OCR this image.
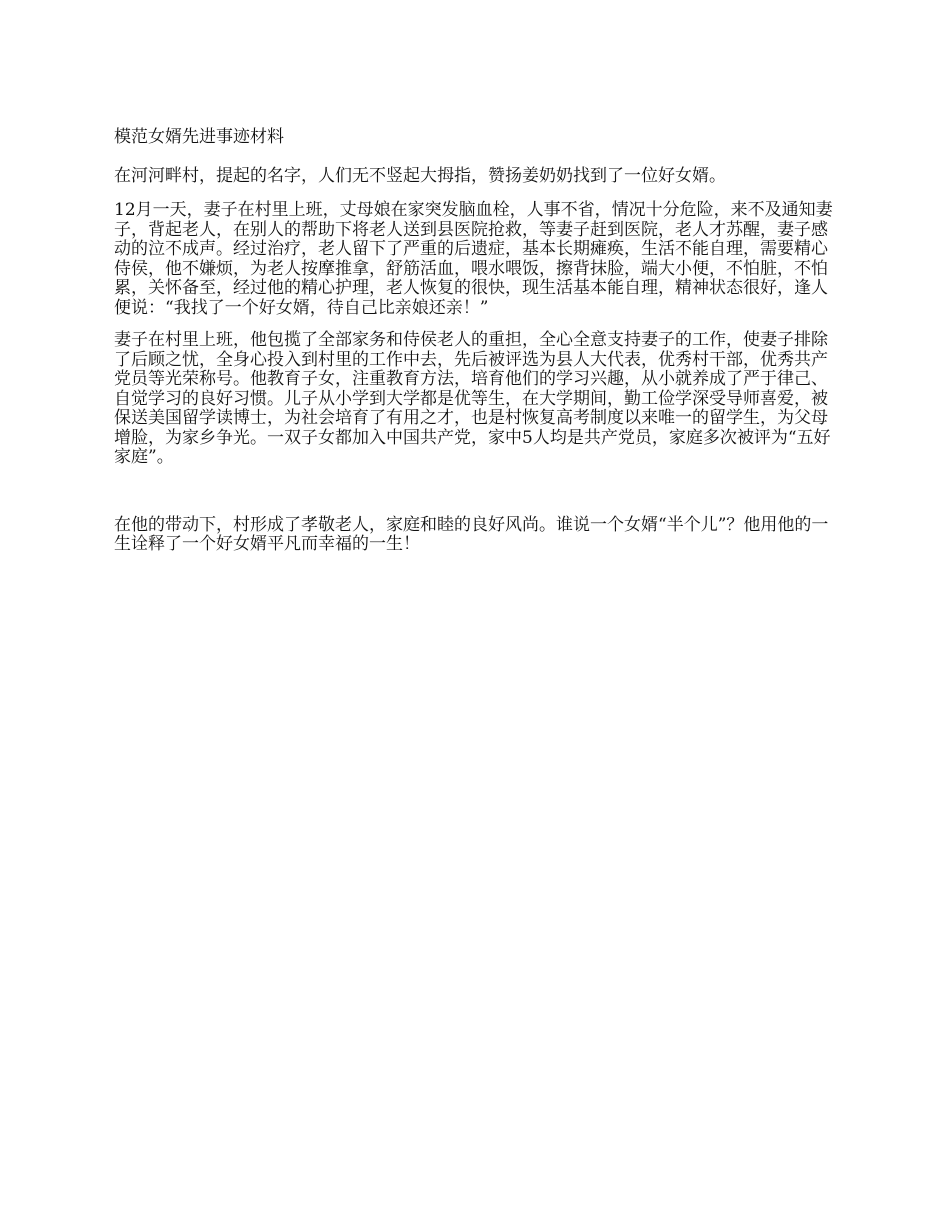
模范女婿先进事迹材料

在河河畔村，提起的名字，人们无不竖起大拇指，赞扬姜奶奶找到了一位好女婿。

12月一天，妻子在村里上班，丈母娘在家突发脑血栓，人事不省，情况十分危险，来不及通知妻子，背起老人，在别人的帮助下将老人送到县医院抢救，等妻子赶到医院，老人才苏醒，妻子感动的泣不成声。经过治疗，老人留下了严重的后遗症，基本长期瘫痪，生活不能自理，需要精心侍侯，他不嫌烦，为老人按摩推拿，舒筋活血，喂水喂饭，擦背抹脸，端大小便，不怕脏，不怕累，关怀备至，经过他的精心护理，老人恢复的很快，现生活基本能自理，精神状态很好，逢人便说：“我找了一个好女婿，待自己比亲娘还亲！”

妻子在村里上班，他包揽了全部家务和侍侯老人的重担，全心全意支持妻子的工作，使妻子排除了后顾之忧，全身心投入到村里的工作中去，先后被评选为县人大代表，优秀村干部，优秀共产党员等光荣称号。他教育子女，注重教育方法，培育他们的学习兴趣，从小就养成了严于律己、自觉学习的良好习惯。儿子从小学到大学都是优等生，在大学期间，勤工俭学深受导师喜爱，被保送美国留学读博士，为社会培育了有用之才，也是村恢复高考制度以来唯一的留学生，为父母增脸，为家乡争光。一双子女都加入中国共产党，家中5人均是共产党员，家庭多次被评为“五好家庭”。

在他的带动下，村形成了孝敬老人，家庭和睦的良好风尚。谁说一个女婿“半个儿”？他用他的一生诠释了一个好女婿平凡而幸福的一生！
